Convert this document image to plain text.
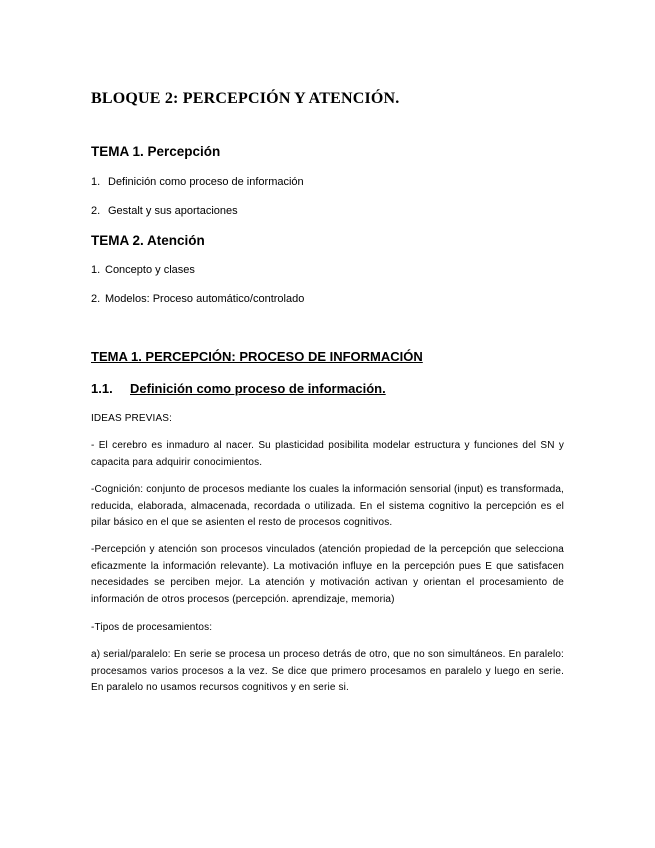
BLOQUE 2: PERCEPCIÓN Y ATENCIÓN.
TEMA 1. Percepción
1. Definición como proceso de información
2. Gestalt y sus aportaciones
TEMA 2. Atención
1. Concepto y clases
2. Modelos: Proceso automático/controlado
TEMA 1. PERCEPCIÓN: PROCESO DE INFORMACIÓN
1.1. Definición como proceso de información.

IDEAS PREVIAS:

- El cerebro es inmaduro al nacer. Su plasticidad posibilita modelar estructura y funciones del SN y capacita para adquirir conocimientos.

-Cognición: conjunto de procesos mediante los cuales la información sensorial (input) es transformada, reducida, elaborada, almacenada, recordada o utilizada. En el sistema cognitivo la percepción es el pilar básico en el que se asienten el resto de procesos cognitivos.

-Percepción y atención son procesos vinculados (atención propiedad de la percepción que selecciona eficazmente la información relevante). La motivación influye en la percepción pues E que satisfacen necesidades se perciben mejor. La atención y motivación activan y orientan el procesamiento de información de otros procesos (percepción. aprendizaje, memoria)

-Tipos de procesamientos:

a) serial/paralelo: En serie se procesa un proceso detrás de otro, que no son simultáneos. En paralelo: procesamos varios procesos a la vez. Se dice que primero procesamos en paralelo y luego en serie. En paralelo no usamos recursos cognitivos y en serie si.
